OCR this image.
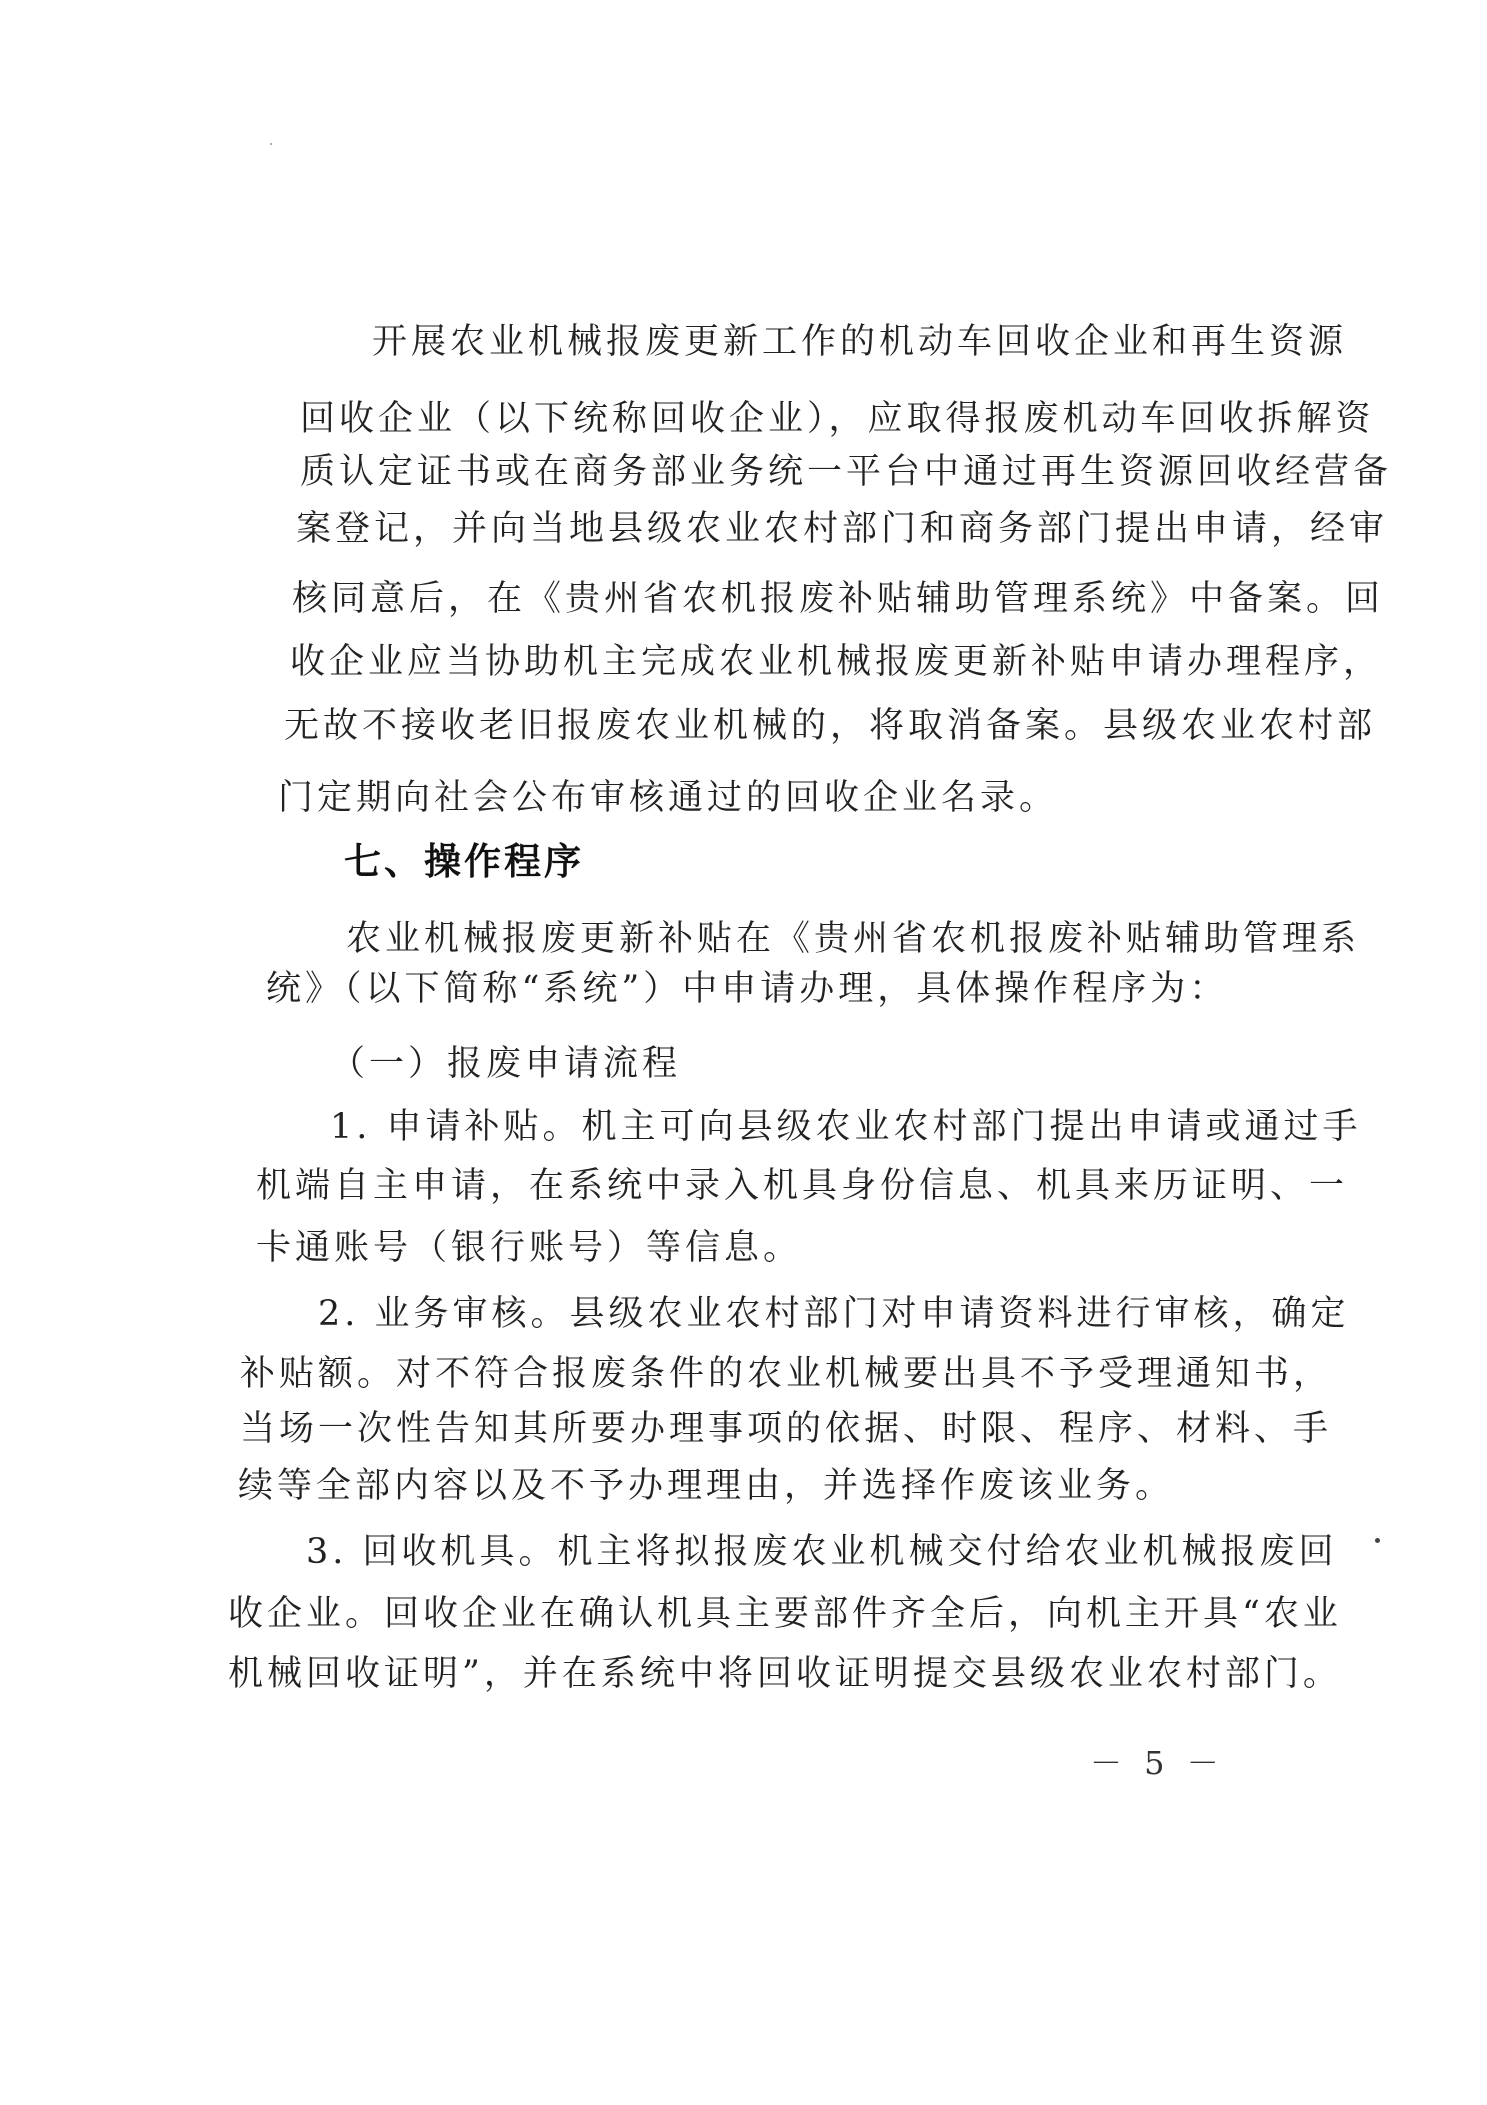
开展农业机械报废更新工作的机动车回收企业和再生资源
回收企业（以下统称回收企业），应取得报废机动车回收拆解资
质认定证书或在商务部业务统一平台中通过再生资源回收经营备
案登记，并向当地县级农业农村部门和商务部门提出申请，经审
核同意后，在《贵州省农机报废补贴辅助管理系统》中备案。回
收企业应当协助机主完成农业机械报废更新补贴申请办理程序，
无故不接收老旧报废农业机械的，将取消备案。县级农业农村部
门定期向社会公布审核通过的回收企业名录。
七、操作程序
农业机械报废更新补贴在《贵州省农机报废补贴辅助管理系
统》（以下简称“系统”）中申请办理，具体操作程序为：
（一）报废申请流程
1. 申请补贴。机主可向县级农业农村部门提出申请或通过手
机端自主申请，在系统中录入机具身份信息、机具来历证明、一
卡通账号（银行账号）等信息。
2. 业务审核。县级农业农村部门对申请资料进行审核，确定
补贴额。对不符合报废条件的农业机械要出具不予受理通知书，
当场一次性告知其所要办理事项的依据、时限、程序、材料、手
续等全部内容以及不予办理理由，并选择作废该业务。
3. 回收机具。机主将拟报废农业机械交付给农业机械报废回
收企业。回收企业在确认机具主要部件齐全后，向机主开具“农业
机械回收证明”，并在系统中将回收证明提交县级农业农村部门。
－ 5 －
